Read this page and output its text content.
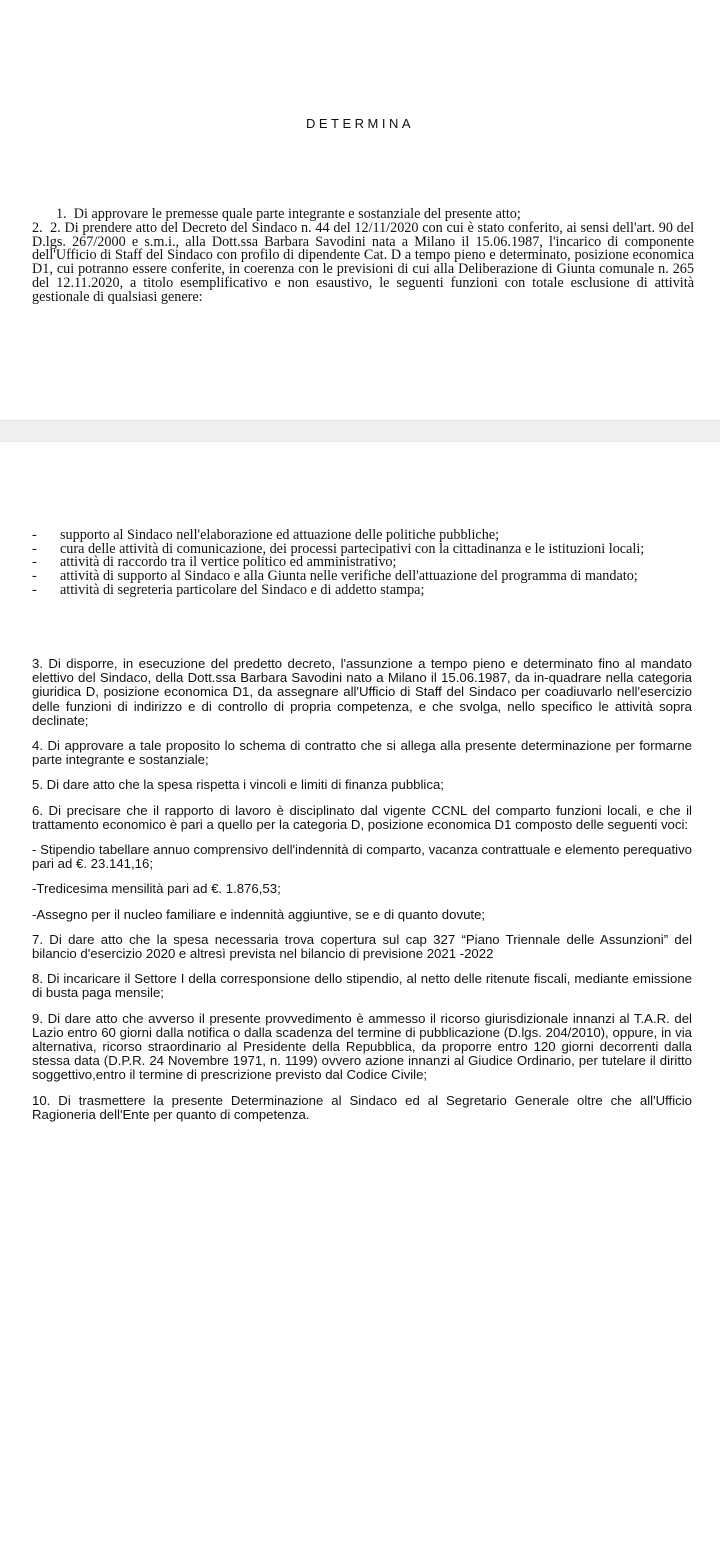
DETERMINA
1. Di approvare le premesse quale parte integrante e sostanziale del presente atto;
2. 2. Di prendere atto del Decreto del Sindaco n. 44 del 12/11/2020 con cui è stato conferito, ai sensi dell'art. 90 del D.lgs. 267/2000 e s.m.i., alla Dott.ssa Barbara Savodini nata a Milano il 15.06.1987, l'incarico di componente dell'Ufficio di Staff del Sindaco con profilo di dipendente Cat. D a tempo pieno e determinato, posizione economica D1, cui potranno essere conferite, in coerenza con le previsioni di cui alla Deliberazione di Giunta comunale n. 265 del 12.11.2020, a titolo esemplificativo e non esaustivo, le seguenti funzioni con totale esclusione di attività gestionale di qualsiasi genere:
-	supporto al Sindaco nell'elaborazione ed attuazione delle politiche pubbliche;
-	cura delle attività di comunicazione, dei processi partecipativi con la cittadinanza e le istituzioni locali;
-	attività di raccordo tra il vertice politico ed amministrativo;
-	attività di supporto al Sindaco e alla Giunta nelle verifiche dell'attuazione del programma di mandato;
-	attività di segreteria particolare del Sindaco e di addetto stampa;

3. Di disporre, in esecuzione del predetto decreto, l'assunzione a tempo pieno e determinato fino al mandato elettivo del Sindaco, della Dott.ssa Barbara Savodini nato a Milano il 15.06.1987, da in-quadrare nella categoria giuridica D, posizione economica D1, da assegnare all'Ufficio di Staff del Sindaco per coadiuvarlo nell'esercizio delle funzioni di indirizzo e di controllo di propria competenza, e che svolga, nello specifico le attività sopra declinate;

4. Di approvare a tale proposito lo schema di contratto che si allega alla presente determinazione per formarne parte integrante e sostanziale;

5. Di dare atto che la spesa rispetta i vincoli e limiti di finanza pubblica;

6. Di precisare che il rapporto di lavoro è disciplinato dal vigente CCNL del comparto funzioni locali, e che il trattamento economico è pari a quello per la categoria D, posizione economica D1 composto delle seguenti voci:

- Stipendio tabellare annuo comprensivo dell'indennità di comparto, vacanza contrattuale e elemento perequativo pari ad €. 23.141,16;

-Tredicesima mensilità pari ad €. 1.876,53;

-Assegno per il nucleo familiare e indennità aggiuntive, se e di quanto dovute;

7. Di dare atto che la spesa necessaria trova copertura sul cap 327 “Piano Triennale delle Assunzioni” del bilancio d'esercizio 2020 e altresì prevista nel bilancio di previsione 2021 -2022

8. Di incaricare il Settore I della corresponsione dello stipendio, al netto delle ritenute fiscali, mediante emissione di busta paga mensile;

9. Di dare atto che avverso il presente provvedimento è ammesso il ricorso giurisdizionale innanzi al T.A.R. del Lazio entro 60 giorni dalla notifica o dalla scadenza del termine di pubblicazione (D.lgs. 204/2010), oppure, in via alternativa, ricorso straordinario al Presidente della Repubblica, da proporre entro 120 giorni decorrenti dalla stessa data (D.P.R. 24 Novembre 1971, n. 1199) ovvero azione innanzi al Giudice Ordinario, per tutelare il diritto soggettivo,entro il termine di prescrizione previsto dal Codice Civile;

10. Di trasmettere la presente Determinazione al Sindaco ed al Segretario Generale oltre che all'Ufficio Ragioneria dell'Ente per quanto di competenza.
